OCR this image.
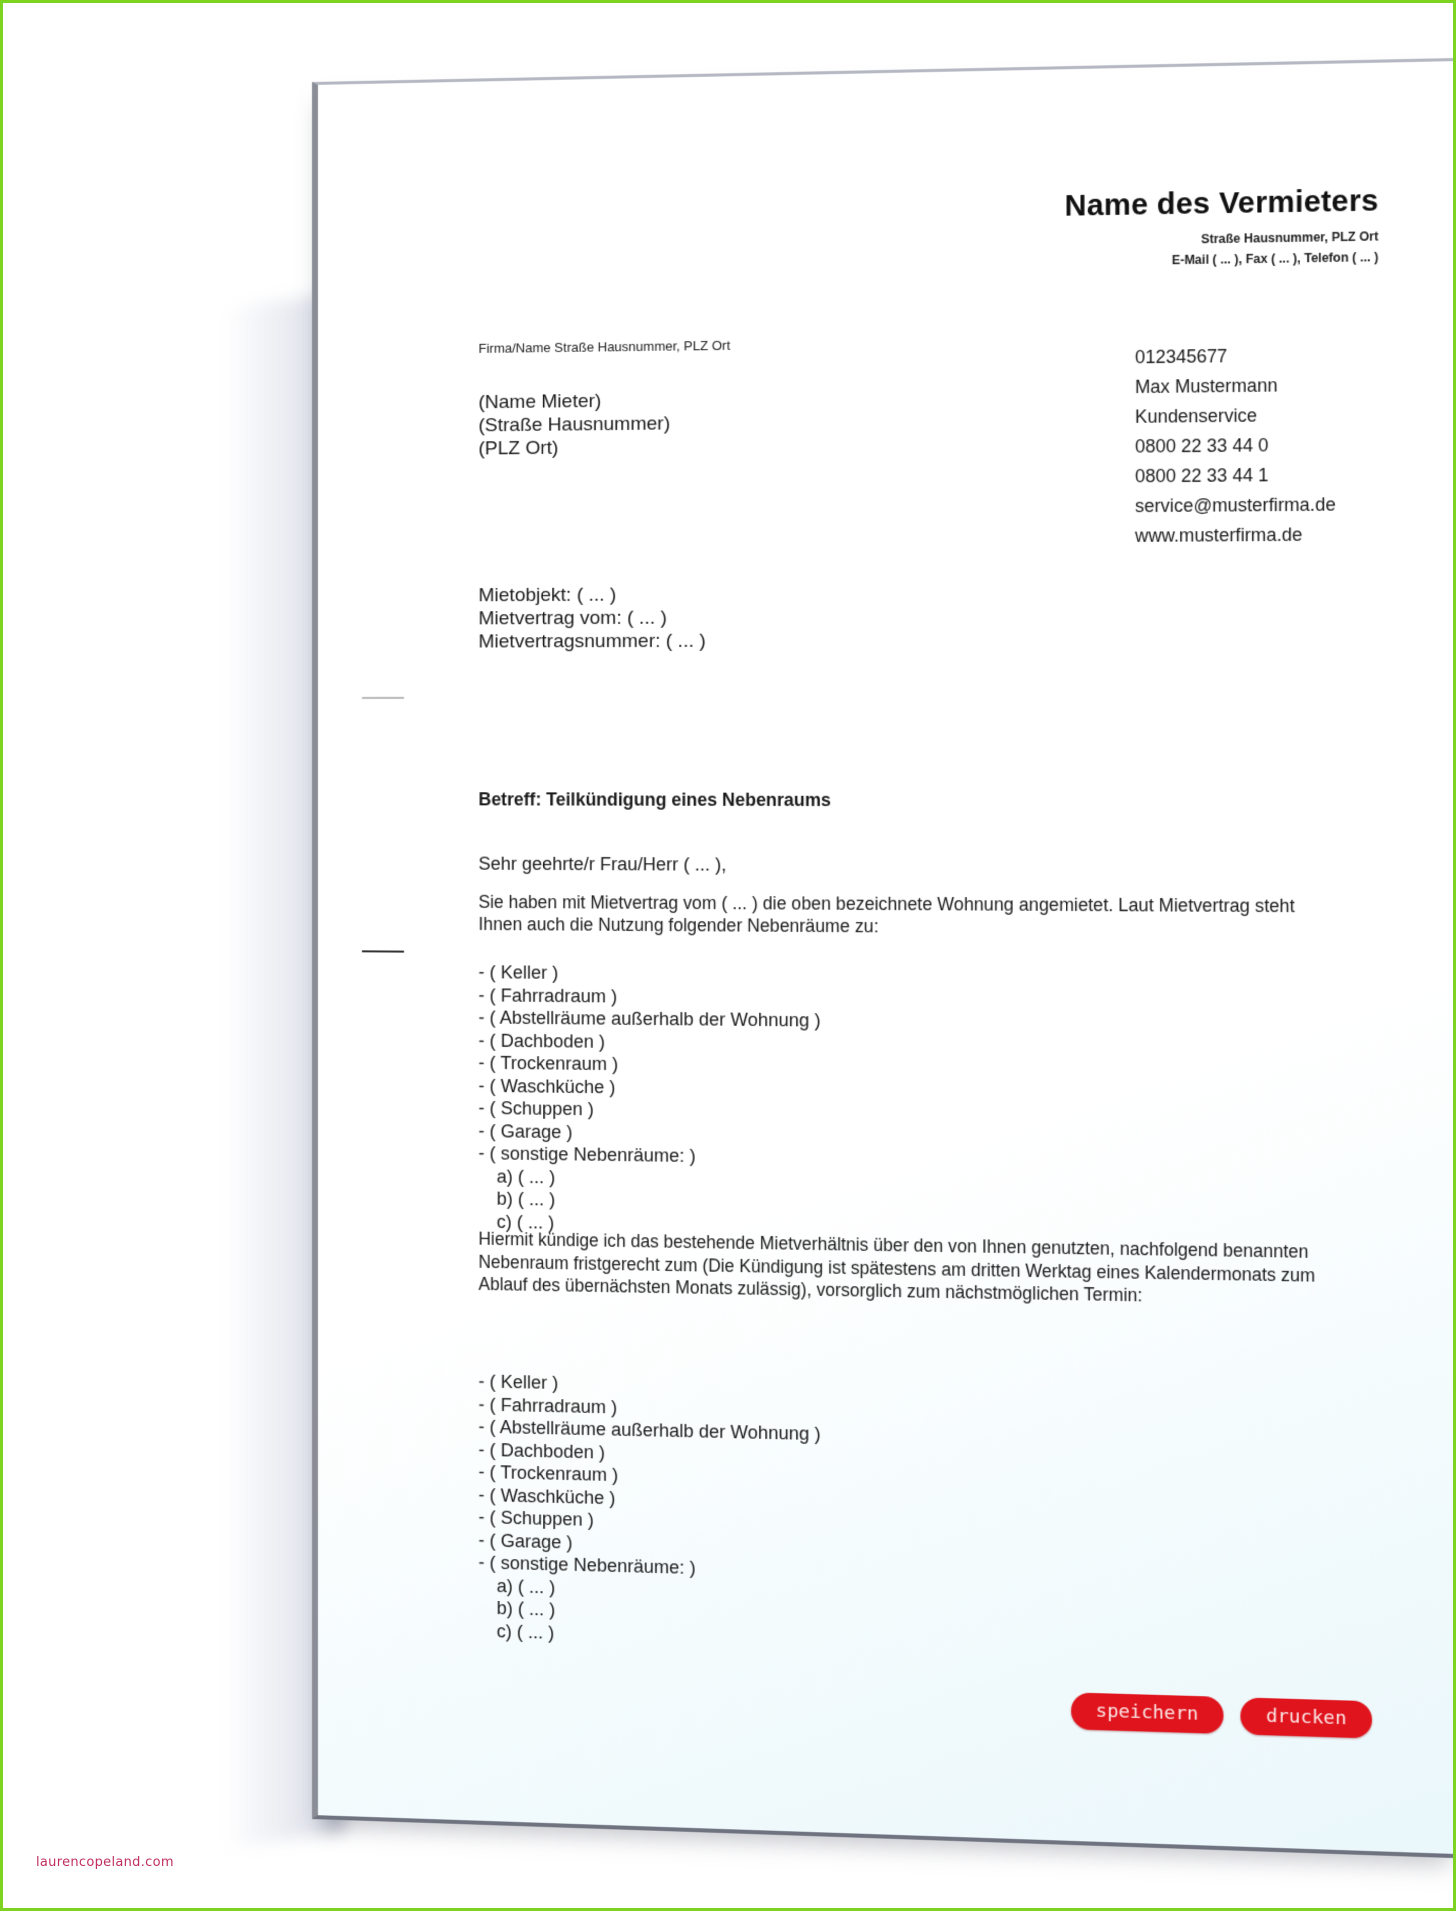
Name des Vermieters
Straße Hausnummer, PLZ Ort
E-Mail ( ... ), Fax ( ... ), Telefon ( ... )
Firma/Name Straße Hausnummer, PLZ Ort
(Name Mieter)
(Straße Hausnummer)
(PLZ Ort)
012345677
Max Mustermann
Kundenservice
0800 22 33 44 0
0800 22 33 44 1
service@musterfirma.de
www.musterfirma.de
Mietobjekt: ( ... )
Mietvertrag vom: ( ... )
Mietvertragsnummer: ( ... )
Betreff: Teilkündigung eines Nebenraums
Sehr geehrte/r Frau/Herr ( ... ),
Sie haben mit Mietvertrag vom ( ... ) die oben bezeichnete Wohnung angemietet. Laut Mietvertrag steht Ihnen auch die Nutzung folgender Nebenräume zu:
- ( Keller )
- ( Fahrradraum )
- ( Abstellräume außerhalb der Wohnung )
- ( Dachboden )
- ( Trockenraum )
- ( Waschküche )
- ( Schuppen )
- ( Garage )
- ( sonstige Nebenräume: )
a) ( ... )
b) ( ... )
c) ( ... )
Hiermit kündige ich das bestehende Mietverhältnis über den von Ihnen genutzten, nachfolgend benannten Nebenraum fristgerecht zum (Die Kündigung ist spätestens am dritten Werktag eines Kalendermonats zum Ablauf des übernächsten Monats zulässig), vorsorglich zum nächstmöglichen Termin:
- ( Keller )
- ( Fahrradraum )
- ( Abstellräume außerhalb der Wohnung )
- ( Dachboden )
- ( Trockenraum )
- ( Waschküche )
- ( Schuppen )
- ( Garage )
- ( sonstige Nebenräume: )
a) ( ... )
b) ( ... )
c) ( ... )
speichern	drucken
laurencopeland.com
